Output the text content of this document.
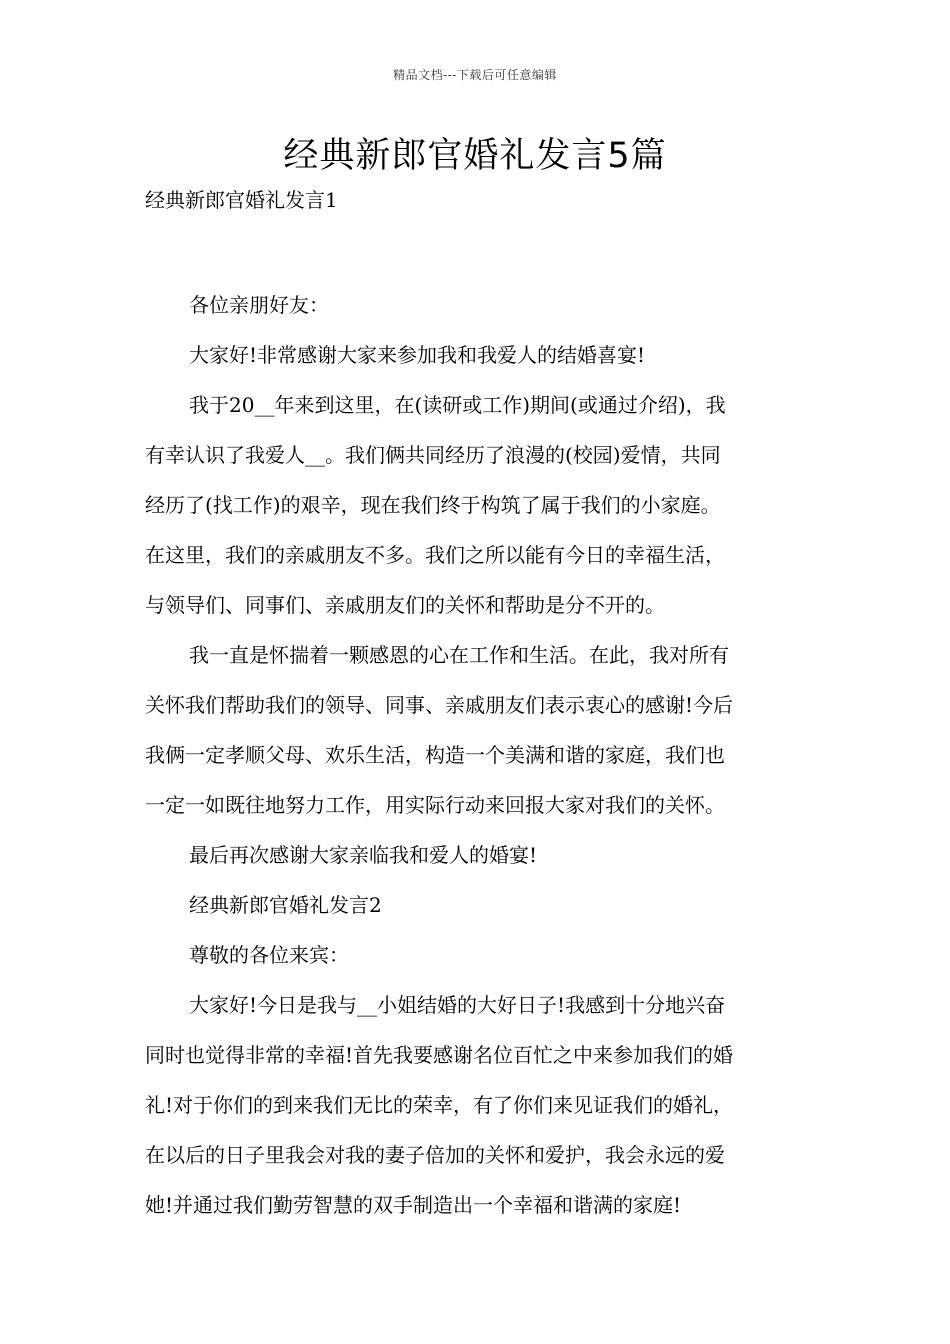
精品文档---下载后可任意编辑
经典新郎官婚礼发言5篇
经典新郎官婚礼发言1
各位亲朋好友：
大家好!非常感谢大家来参加我和我爱人的结婚喜宴!
我于20__年来到这里，在(读研或工作)期间(或通过介绍)，我
有幸认识了我爱人__。我们俩共同经历了浪漫的(校园)爱情，共同
经历了(找工作)的艰辛，现在我们终于构筑了属于我们的小家庭。
在这里，我们的亲戚朋友不多。我们之所以能有今日的幸福生活，
与领导们、同事们、亲戚朋友们的关怀和帮助是分不开的。
我一直是怀揣着一颗感恩的心在工作和生活。在此，我对所有
关怀我们帮助我们的领导、同事、亲戚朋友们表示衷心的感谢!今后
我俩一定孝顺父母、欢乐生活，构造一个美满和谐的家庭，我们也
一定一如既往地努力工作，用实际行动来回报大家对我们的关怀。
最后再次感谢大家亲临我和爱人的婚宴!
经典新郎官婚礼发言2
尊敬的各位来宾：
大家好!今日是我与__小姐结婚的大好日子!我感到十分地兴奋
同时也觉得非常的幸福!首先我要感谢名位百忙之中来参加我们的婚
礼!对于你们的到来我们无比的荣幸，有了你们来见证我们的婚礼，
在以后的日子里我会对我的妻子倍加的关怀和爱护，我会永远的爱
她!并通过我们勤劳智慧的双手制造出一个幸福和谐满的家庭!
